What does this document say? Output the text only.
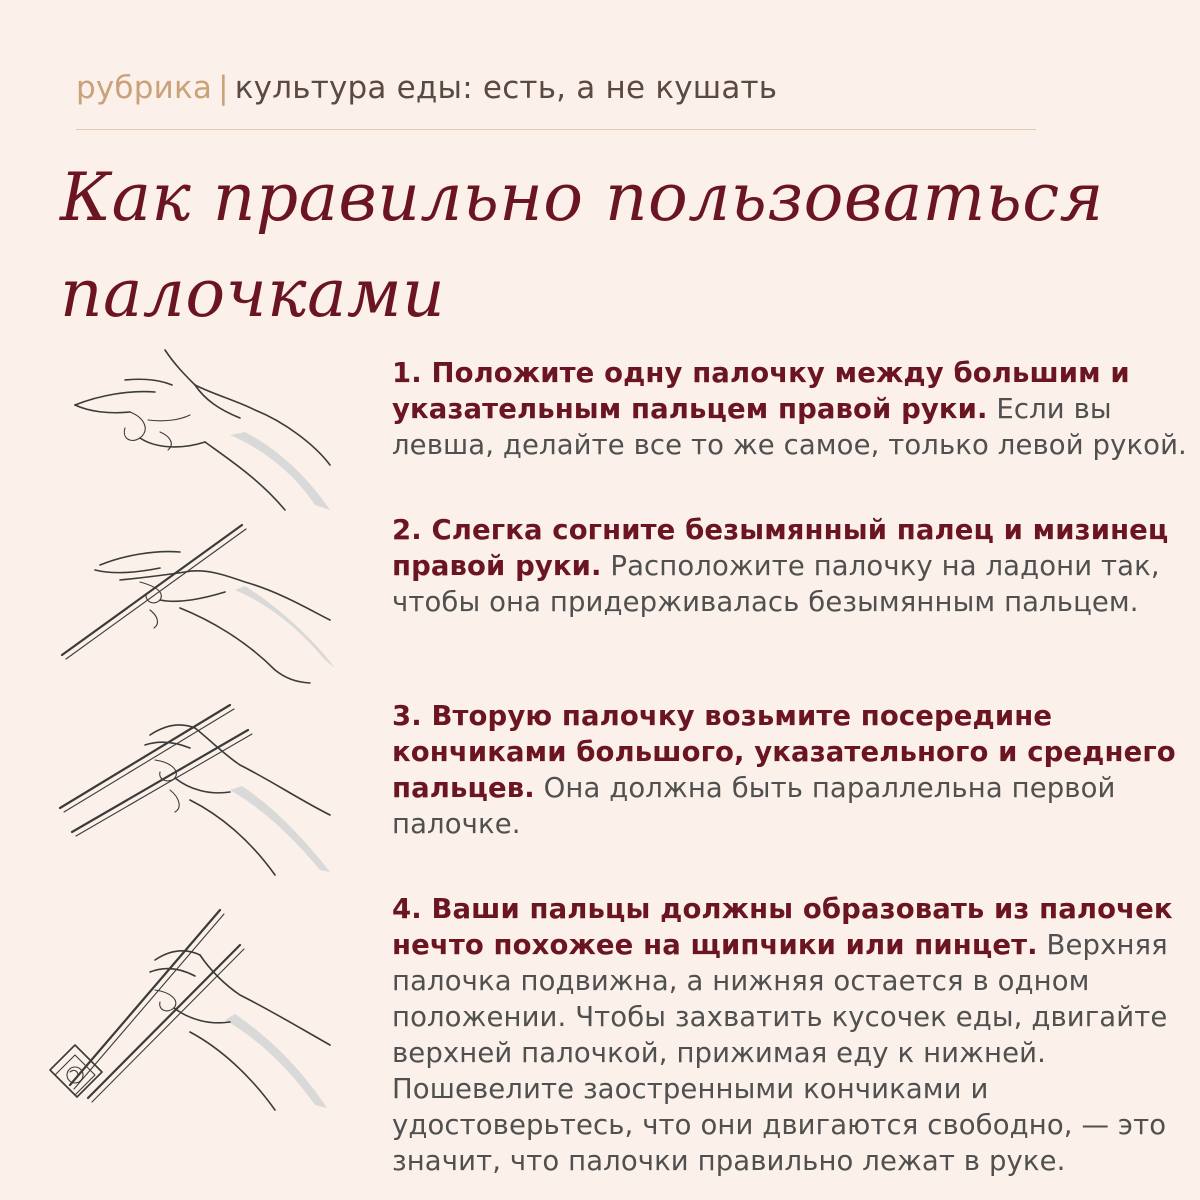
рубрика | культура еды: есть, а не кушать
Как правильно пользоваться
палочками

1. Положите одну палочку между большим и указательным пальцем правой руки. Если вы левша, делайте все то же самое, только левой рукой.

2. Слегка согните безымянный палец и мизинец правой руки. Расположите палочку на ладони так, чтобы она придерживалась безымянным пальцем.

3. Вторую палочку возьмите посередине кончиками большого, указательного и среднего пальцев. Она должна быть параллельна первой палочке.

4. Ваши пальцы должны образовать из палочек нечто похожее на щипчики или пинцет. Верхняя палочка подвижна, а нижняя остается в одном положении. Чтобы захватить кусочек еды, двигайте верхней палочкой, прижимая еду к нижней. Пошевелите заостренными кончиками и удостоверьтесь, что они двигаются свободно, — это значит, что палочки правильно лежат в руке.
